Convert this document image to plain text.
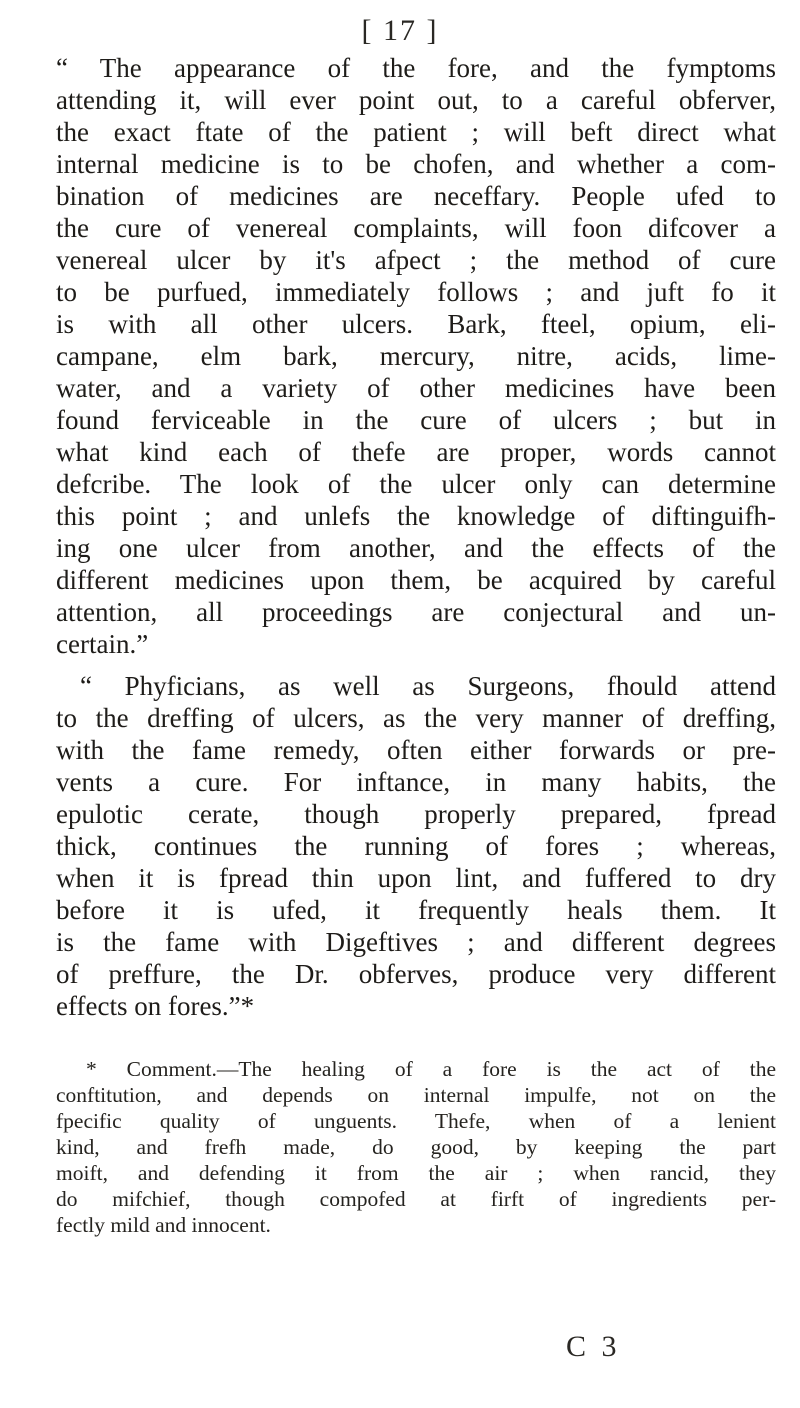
[ 17 ]
“ The appearance of the fore, and the fymptoms
attending it, will ever point out, to a careful obferver,
the exact ftate of the patient ; will beft direct what
internal medicine is to be chofen, and whether a com-
bination of medicines are neceffary. People ufed to
the cure of venereal complaints, will foon difcover a
venereal ulcer by it's afpect ; the method of cure
to be purfued, immediately follows ; and juft fo it
is with all other ulcers. Bark, fteel, opium, eli-
campane, elm bark, mercury, nitre, acids, lime-
water, and a variety of other medicines have been
found ferviceable in the cure of ulcers ; but in
what kind each of thefe are proper, words cannot
defcribe. The look of the ulcer only can determine
this point ; and unlefs the knowledge of diftinguifh-
ing one ulcer from another, and the effects of the
different medicines upon them, be acquired by careful
attention, all proceedings are conjectural and un-
certain.”
“ Phyficians, as well as Surgeons, fhould attend
to the dreffing of ulcers, as the very manner of dreffing,
with the fame remedy, often either forwards or pre-
vents a cure. For inftance, in many habits, the
epulotic cerate, though properly prepared, fpread
thick, continues the running of fores ; whereas,
when it is fpread thin upon lint, and fuffered to dry
before it is ufed, it frequently heals them. It
is the fame with Digeftives ; and different degrees
of preffure, the Dr. obferves, produce very different
effects on fores.”*
* Comment.—The healing of a fore is the act of the
conftitution, and depends on internal impulfe, not on the
fpecific quality of unguents. Thefe, when of a lenient
kind, and frefh made, do good, by keeping the part
moift, and defending it from the air ; when rancid, they
do mifchief, though compofed at firft of ingredients per-
fectly mild and innocent.
C 3
